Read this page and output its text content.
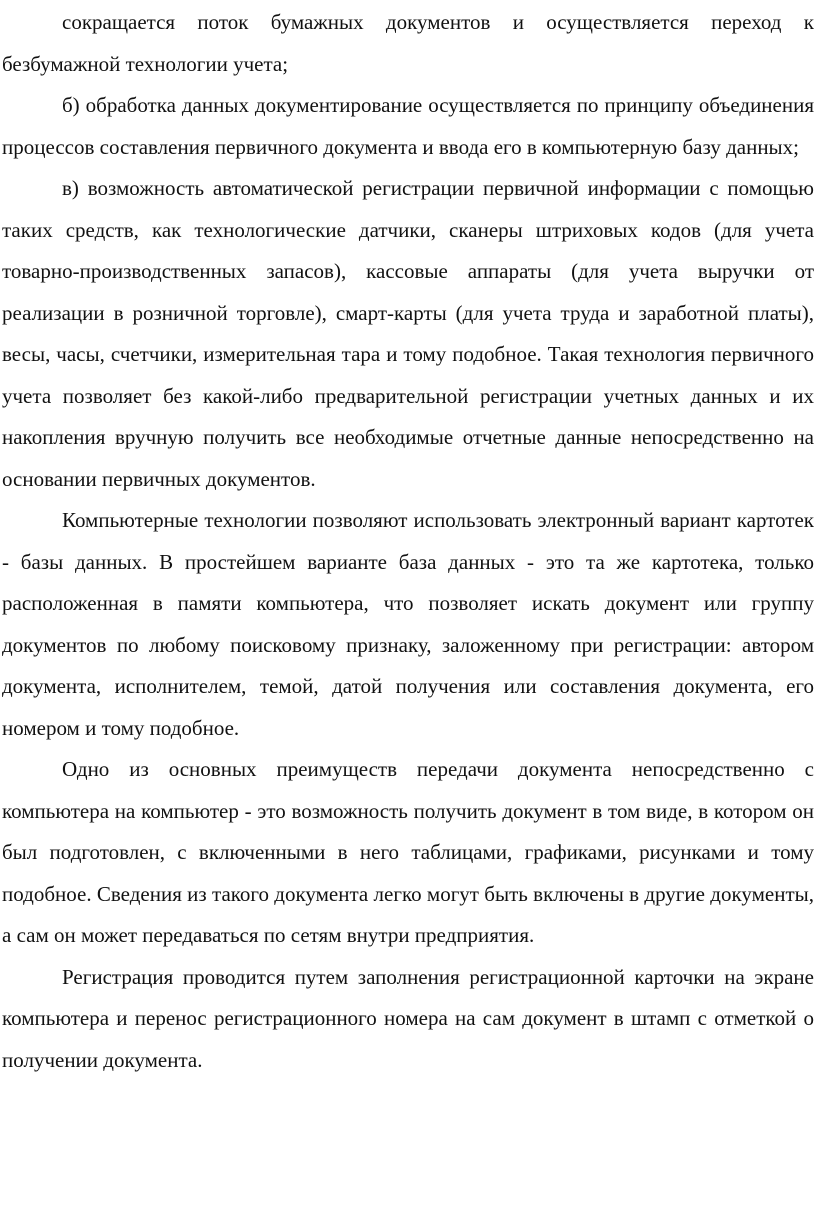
сокращается поток бумажных документов и осуществляется переход к безбумажной технологии учета;

б) обработка данных документирование осуществляется по принципу объединения процессов составления первичного документа и ввода его в компьютерную базу данных;

в) возможность автоматической регистрации первичной информации с помощью таких средств, как технологические датчики, сканеры штриховых кодов (для учета товарно-производственных запасов), кассовые аппараты (для учета выручки от реализации в розничной торговле), смарт-карты (для учета труда и заработной платы), весы, часы, счетчики, измерительная тара и тому подобное. Такая технология первичного учета позволяет без какой-либо предварительной регистрации учетных данных и их накопления вручную получить все необходимые отчетные данные непосредственно на основании первичных документов.

Компьютерные технологии позволяют использовать электронный вариант картотек - базы данных. В простейшем варианте база данных - это та же картотека, только расположенная в памяти компьютера, что позволяет искать документ или группу документов по любому поисковому признаку, заложенному при регистрации: автором документа, исполнителем, темой, датой получения или составления документа, его номером и тому подобное.

Одно из основных преимуществ передачи документа непосредственно с компьютера на компьютер - это возможность получить документ в том виде, в котором он был подготовлен, с включенными в него таблицами, графиками, рисунками и тому подобное. Сведения из такого документа легко могут быть включены в другие документы, а сам он может передаваться по сетям внутри предприятия.

Регистрация проводится путем заполнения регистрационной карточки на экране компьютера и перенос регистрационного номера на сам документ в штамп с отметкой о получении документа.
